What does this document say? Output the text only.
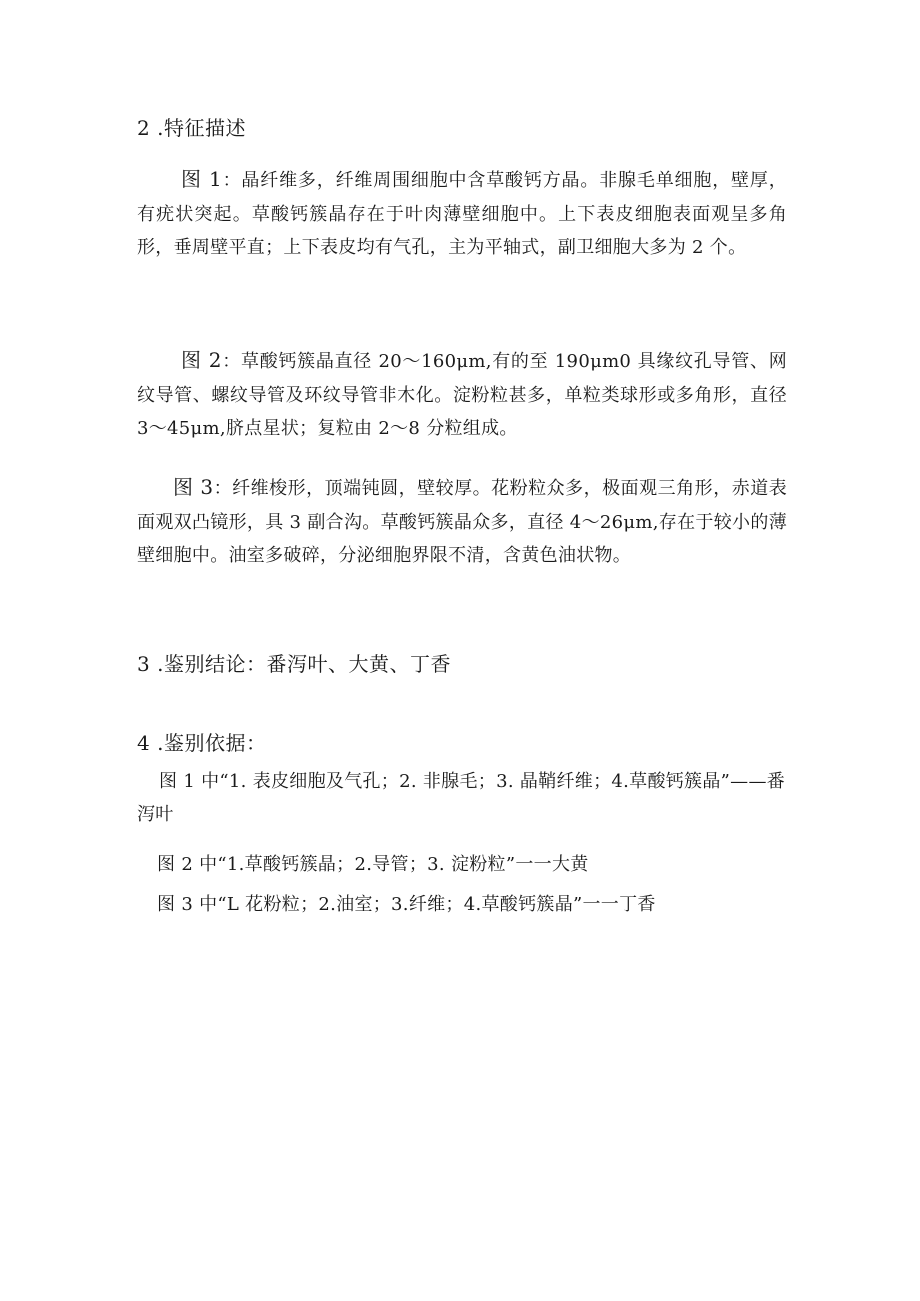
2 .特征描述
图 1：晶纤维多，纤维周围细胞中含草酸钙方晶。非腺毛单细胞，壁厚，有疣状突起。草酸钙簇晶存在于叶肉薄壁细胞中。上下表皮细胞表面观呈多角形，垂周壁平直；上下表皮均有气孔，主为平轴式，副卫细胞大多为 2 个。
图 2：草酸钙簇晶直径 20～160μm,有的至 190μm0 具缘纹孔导管、网纹导管、螺纹导管及环纹导管非木化。淀粉粒甚多，单粒类球形或多角形，直径 3～45μm,脐点星状；复粒由 2～8 分粒组成。
图 3：纤维梭形，顶端钝圆，壁较厚。花粉粒众多，极面观三角形，赤道表面观双凸镜形，具 3 副合沟。草酸钙簇晶众多，直径 4～26μm,存在于较小的薄壁细胞中。油室多破碎，分泌细胞界限不清，含黄色油状物。
3 .鉴别结论：番泻叶、大黄、丁香
4 .鉴别依据：
图 1 中“1. 表皮细胞及气孔；2. 非腺毛；3. 晶鞘纤维；4.草酸钙簇晶”——番泻叶
图 2 中“1.草酸钙簇晶；2.导管；3. 淀粉粒”一一大黄
图 3 中“L 花粉粒；2.油室；3.纤维；4.草酸钙簇晶”一一丁香
